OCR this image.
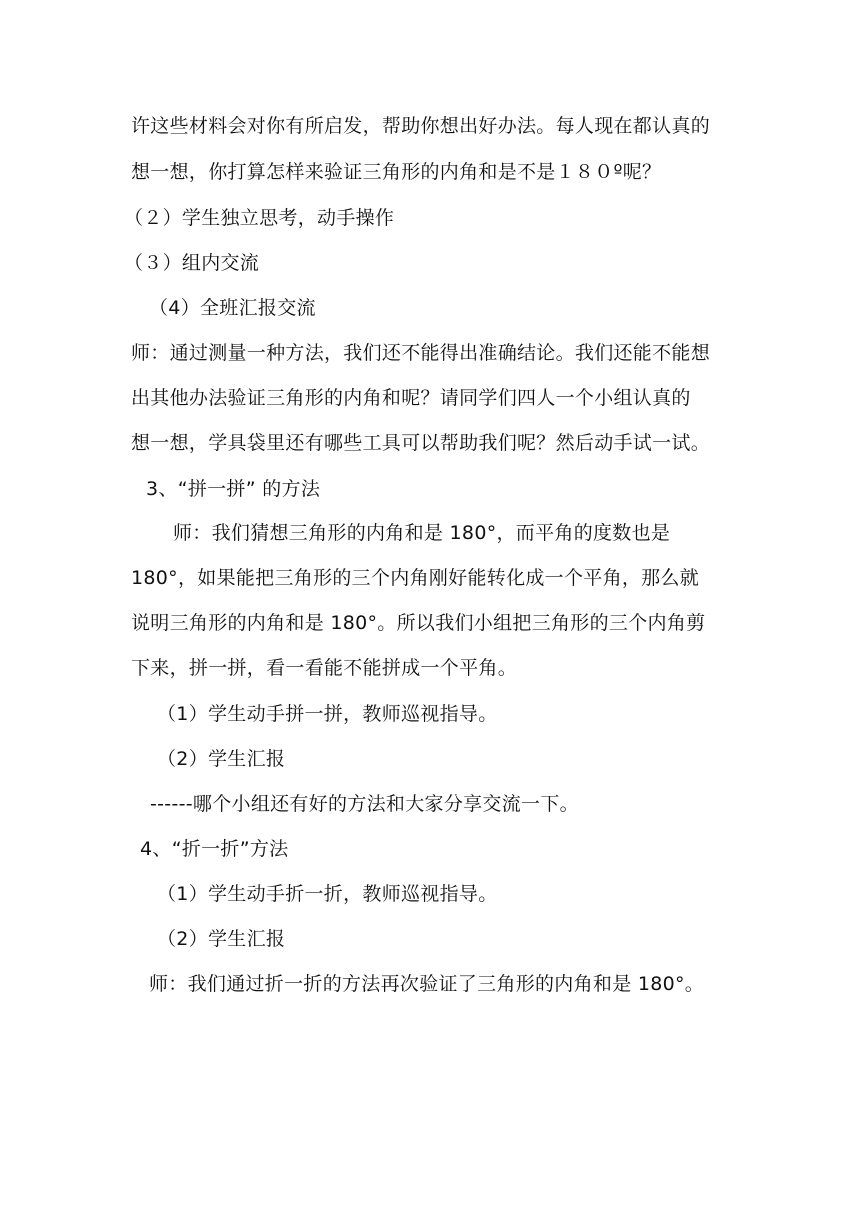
许这些材料会对你有所启发，帮助你想出好办法。每人现在都认真的
想一想，你打算怎样来验证三角形的内角和是不是１８０º呢？
（２）学生独立思考，动手操作
（３）组内交流
（4）全班汇报交流
师：通过测量一种方法，我们还不能得出准确结论。我们还能不能想
出其他办法验证三角形的内角和呢？请同学们四人一个小组认真的
想一想，学具袋里还有哪些工具可以帮助我们呢？然后动手试一试。
3、“拼一拼” 的方法
师：我们猜想三角形的内角和是 180°，而平角的度数也是
180°，如果能把三角形的三个内角刚好能转化成一个平角，那么就
说明三角形的内角和是 180°。所以我们小组把三角形的三个内角剪
下来，拼一拼，看一看能不能拼成一个平角。
（1）学生动手拼一拼，教师巡视指导。
（2）学生汇报
------哪个小组还有好的方法和大家分享交流一下。
4、“折一折”方法
（1）学生动手折一折，教师巡视指导。
（2）学生汇报
师：我们通过折一折的方法再次验证了三角形的内角和是 180°。
